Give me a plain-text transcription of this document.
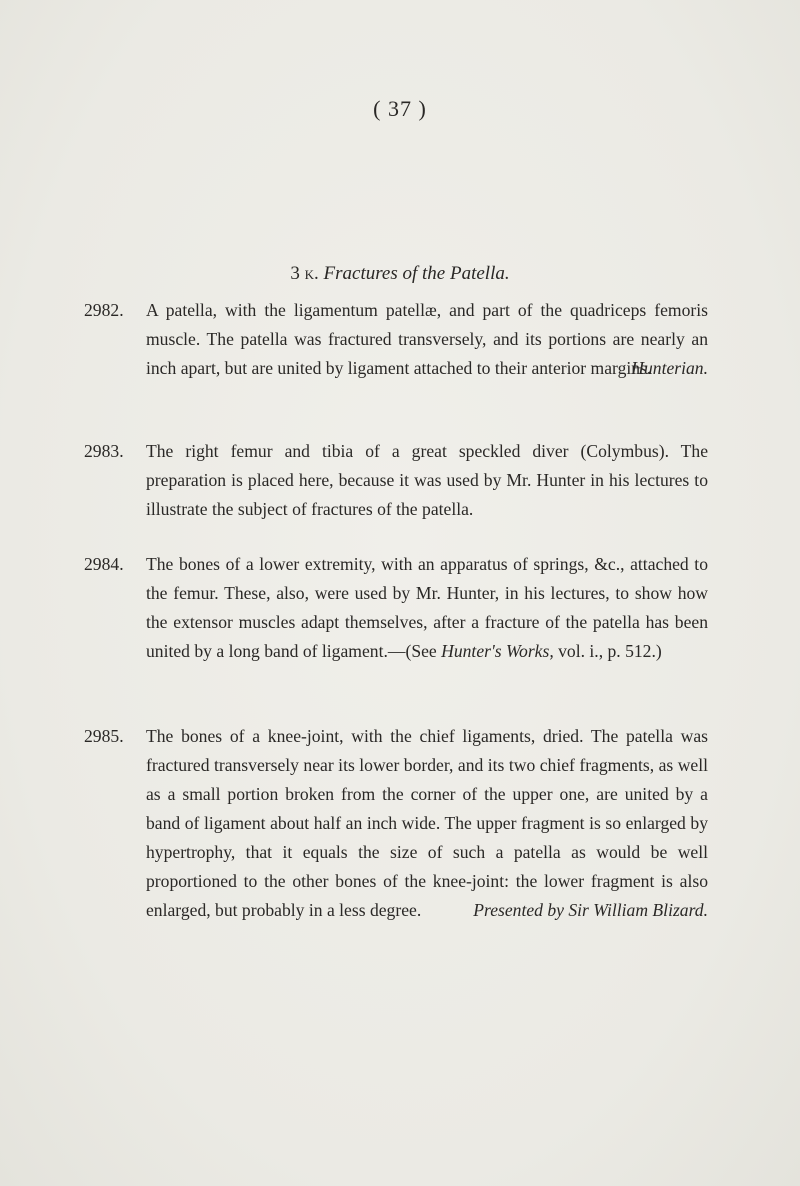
( 37 )
3 k. Fractures of the Patella.
2982. A patella, with the ligamentum patellæ, and part of the quadriceps femoris muscle. The patella was fractured transversely, and its portions are nearly an inch apart, but are united by ligament attached to their anterior margins.
Hunterian.
2983. The right femur and tibia of a great speckled diver (Colymbus). The preparation is placed here, because it was used by Mr. Hunter in his lectures to illustrate the subject of fractures of the patella.
2984. The bones of a lower extremity, with an apparatus of springs, &c., attached to the femur. These, also, were used by Mr. Hunter, in his lectures, to show how the extensor muscles adapt themselves, after a fracture of the patella has been united by a long band of ligament.—(See Hunter's Works, vol. i., p. 512.)
2985. The bones of a knee-joint, with the chief ligaments, dried. The patella was fractured transversely near its lower border, and its two chief fragments, as well as a small portion broken from the corner of the upper one, are united by a band of ligament about half an inch wide. The upper fragment is so enlarged by hypertrophy, that it equals the size of such a patella as would be well proportioned to the other bones of the knee-joint: the lower fragment is also enlarged, but probably in a less degree.	Presented by Sir William Blizard.
